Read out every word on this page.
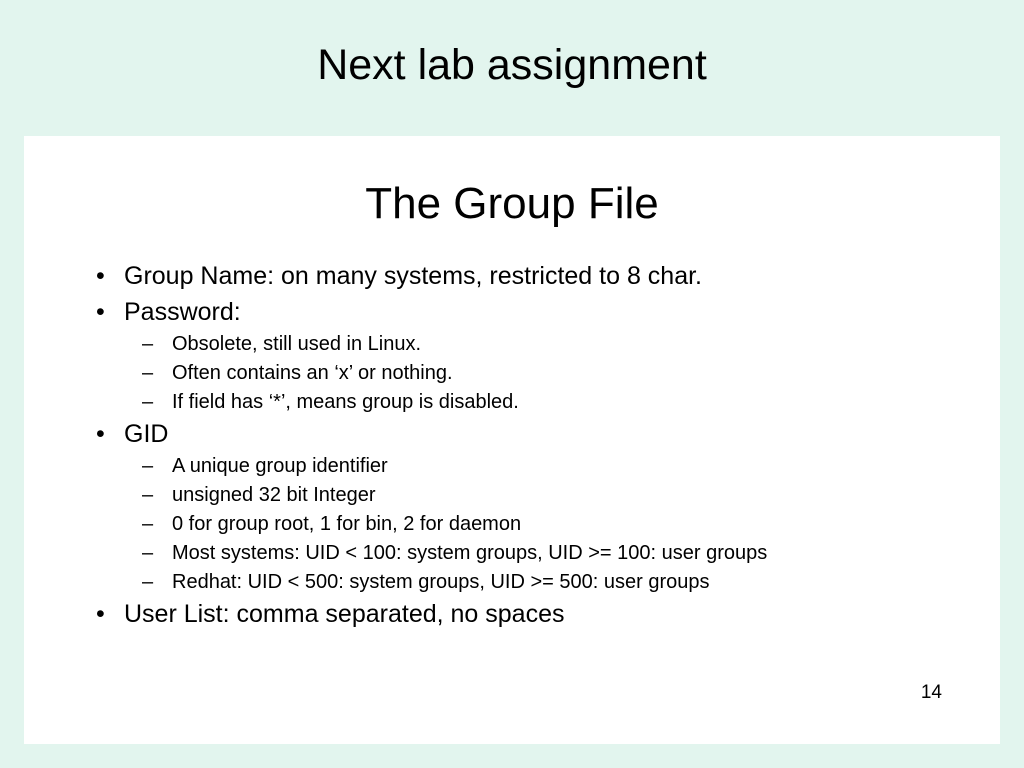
Next lab assignment
The Group File
• Group Name: on many systems, restricted to 8 char.
• Password:
– Obsolete, still used in Linux.
– Often contains an ‘x’ or nothing.
– If field has ‘*’, means group is disabled.
• GID
– A unique group identifier
– unsigned 32 bit Integer
– 0 for group root, 1 for bin, 2 for daemon
– Most systems: UID < 100: system groups, UID >= 100: user groups
– Redhat: UID < 500: system groups, UID >= 500: user groups
• User List: comma separated, no spaces
14
